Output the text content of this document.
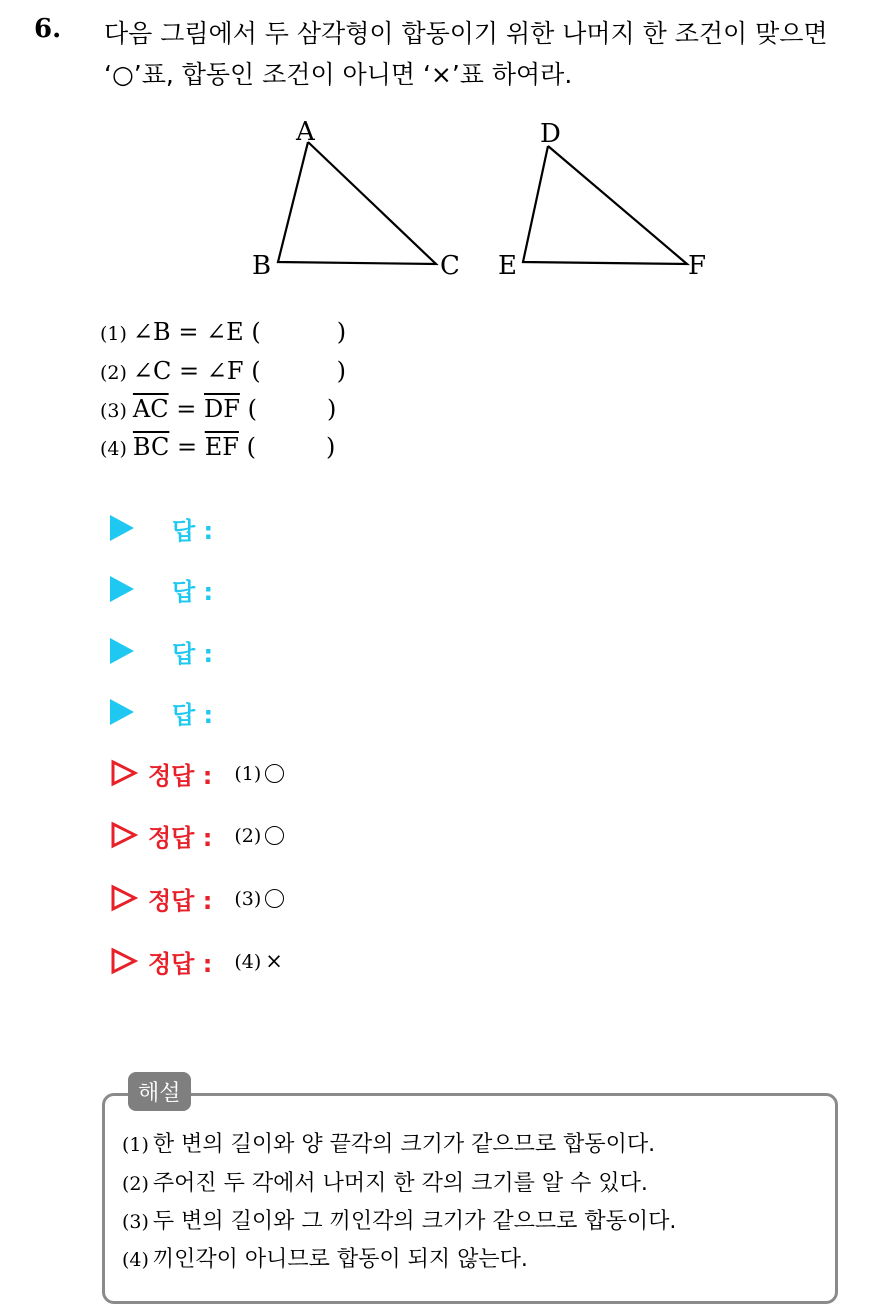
6. 다음 그림에서 두 삼각형이 합동이기 위한 나머지 한 조건이 맞으면
‘○’표, 합동인 조건이 아니면 ‘×’표 하여라.
A
B	C
D
E	F
(1) ∠B = ∠E (	)
(2) ∠C = ∠F (	)
(3) $\overline{AC} = \overline{DF}$ (	)
(4) $\overline{BC} = \overline{EF}$ (	)
답 :
답 :
답 :
답 :
정답 : (1)
정답 : (2)
정답 : (3)
정답 : (4) ×
해설
(1) 한 변의 길이와 양 끝각의 크기가 같으므로 합동이다.
(2) 주어진 두 각에서 나머지 한 각의 크기를 알 수 있다.
(3) 두 변의 길이와 그 끼인각의 크기가 같으므로 합동이다.
(4) 끼인각이 아니므로 합동이 되지 않는다.
